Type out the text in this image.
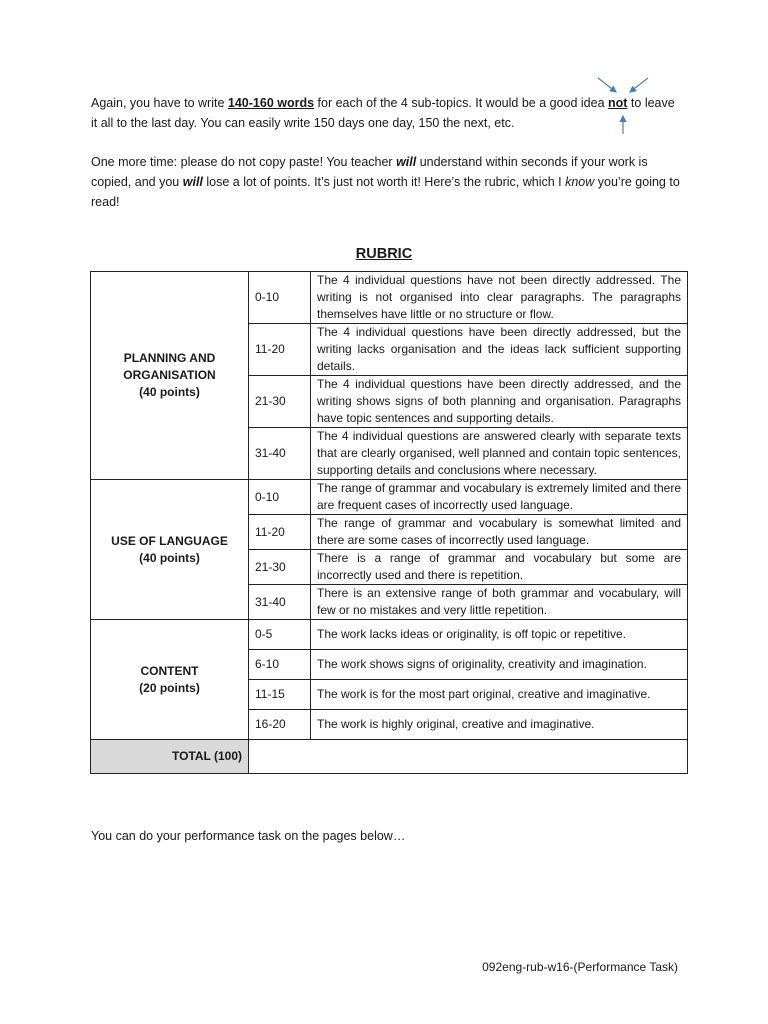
Again, you have to write 140-160 words for each of the 4 sub-topics. It would be a good idea not to leave it all to the last day. You can easily write 150 days one day, 150 the next, etc.
One more time: please do not copy paste! You teacher will understand within seconds if your work is copied, and you will lose a lot of points. It’s just not worth it! Here’s the rubric, which I know you’re going to read!
RUBRIC
PLANNING AND ORGANISATION
(40 points)	0-10	The 4 individual questions have not been directly addressed. The writing is not organised into clear paragraphs. The paragraphs themselves have little or no structure or flow.
	11-20	The 4 individual questions have been directly addressed, but the writing lacks organisation and the ideas lack sufficient supporting details.
	21-30	The 4 individual questions have been directly addressed, and the writing shows signs of both planning and organisation. Paragraphs have topic sentences and supporting details.
	31-40	The 4 individual questions are answered clearly with separate texts that are clearly organised, well planned and contain topic sentences, supporting details and conclusions where necessary.
USE OF LANGUAGE
(40 points)	0-10	The range of grammar and vocabulary is extremely limited and there are frequent cases of incorrectly used language.
	11-20	The range of grammar and vocabulary is somewhat limited and there are some cases of incorrectly used language.
	21-30	There is a range of grammar and vocabulary but some are incorrectly used and there is repetition.
	31-40	There is an extensive range of both grammar and vocabulary, will few or no mistakes and very little repetition.
CONTENT
(20 points)	0-5	The work lacks ideas or originality, is off topic or repetitive.
	6-10	The work shows signs of originality, creativity and imagination.
	11-15	The work is for the most part original, creative and imaginative.
	16-20	The work is highly original, creative and imaginative.
TOTAL (100)		
You can do your performance task on the pages below…
092eng-rub-w16-(Performance Task)
